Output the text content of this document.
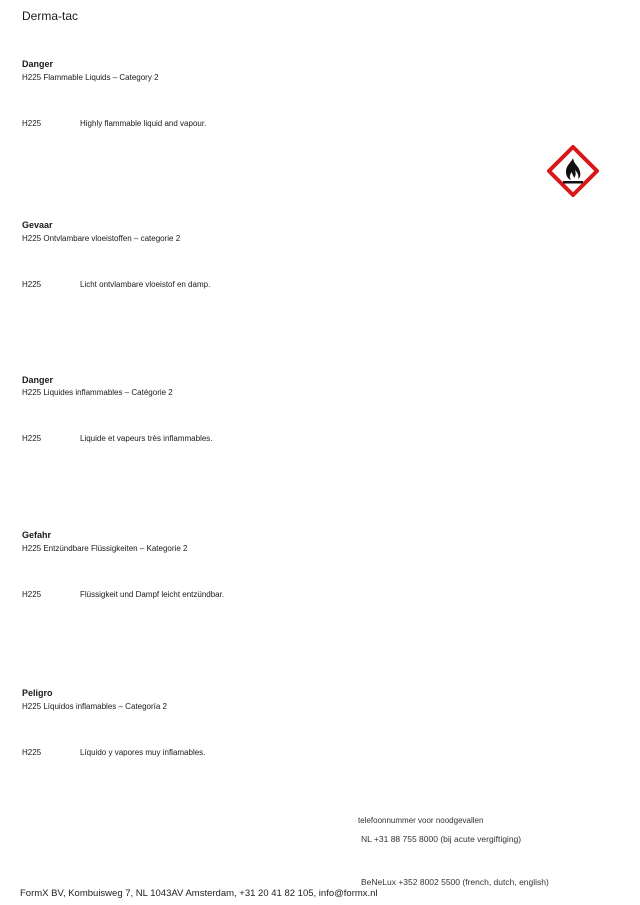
Derma-tac
Danger
H225 Flammable Liquids – Category 2
H225	Highly flammable liquid and vapour.
Gevaar
H225 Ontvlambare vloeistoffen – categorie 2
H225	Licht ontvlambare vloeistof en damp.
Danger
H225 Liquides inflammables – Catégorie 2
H225	Liquide et vapeurs très inflammables.
Gefahr
H225 Entzündbare Flüssigkeiten – Kategorie 2
H225	Flüssigkeit und Dampf leicht entzündbar.
Peligro
H225 Líquidos inflamables – Categoría 2
H225	Líquido y vapores muy inflamables.
telefoonnummer voor noodgevallen
NL +31 88 755 8000 (bij acute vergiftiging)
BeNeLux +352 8002 5500 (french, dutch, english)
FormX BV, Kombuisweg 7, NL 1043AV Amsterdam, +31 20 41 82 105, info@formx.nl
